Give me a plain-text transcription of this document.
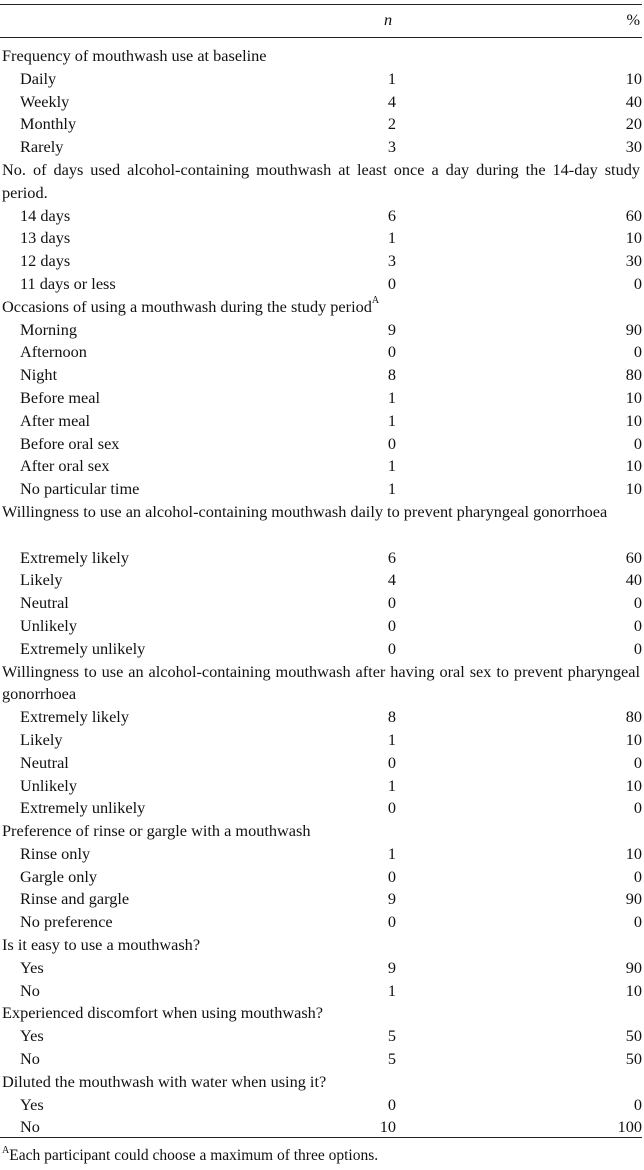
n	%
Frequency of mouthwash use at baseline
Daily	1	10
Weekly	4	40
Monthly	2	20
Rarely	3	30
No. of days used alcohol-containing mouthwash at least once a day during the 14-day study period.
14 days	6	60
13 days	1	10
12 days	3	30
11 days or less	0	0
Occasions of using a mouthwash during the study period$^A$
Morning	9	90
Afternoon	0	0
Night	8	80
Before meal	1	10
After meal	1	10
Before oral sex	0	0
After oral sex	1	10
No particular time	1	10
Willingness to use an alcohol-containing mouthwash daily to prevent pharyngeal gonorrhoea
Extremely likely	6	60
Likely	4	40
Neutral	0	0
Unlikely	0	0
Extremely unlikely	0	0
Willingness to use an alcohol-containing mouthwash after having oral sex to prevent pharyngeal gonorrhoea
Extremely likely	8	80
Likely	1	10
Neutral	0	0
Unlikely	1	10
Extremely unlikely	0	0
Preference of rinse or gargle with a mouthwash
Rinse only	1	10
Gargle only	0	0
Rinse and gargle	9	90
No preference	0	0
Is it easy to use a mouthwash?
Yes	9	90
No	1	10
Experienced discomfort when using mouthwash?
Yes	5	50
No	5	50
Diluted the mouthwash with water when using it?
Yes	0	0
No	10	100
$^A$Each participant could choose a maximum of three options.
